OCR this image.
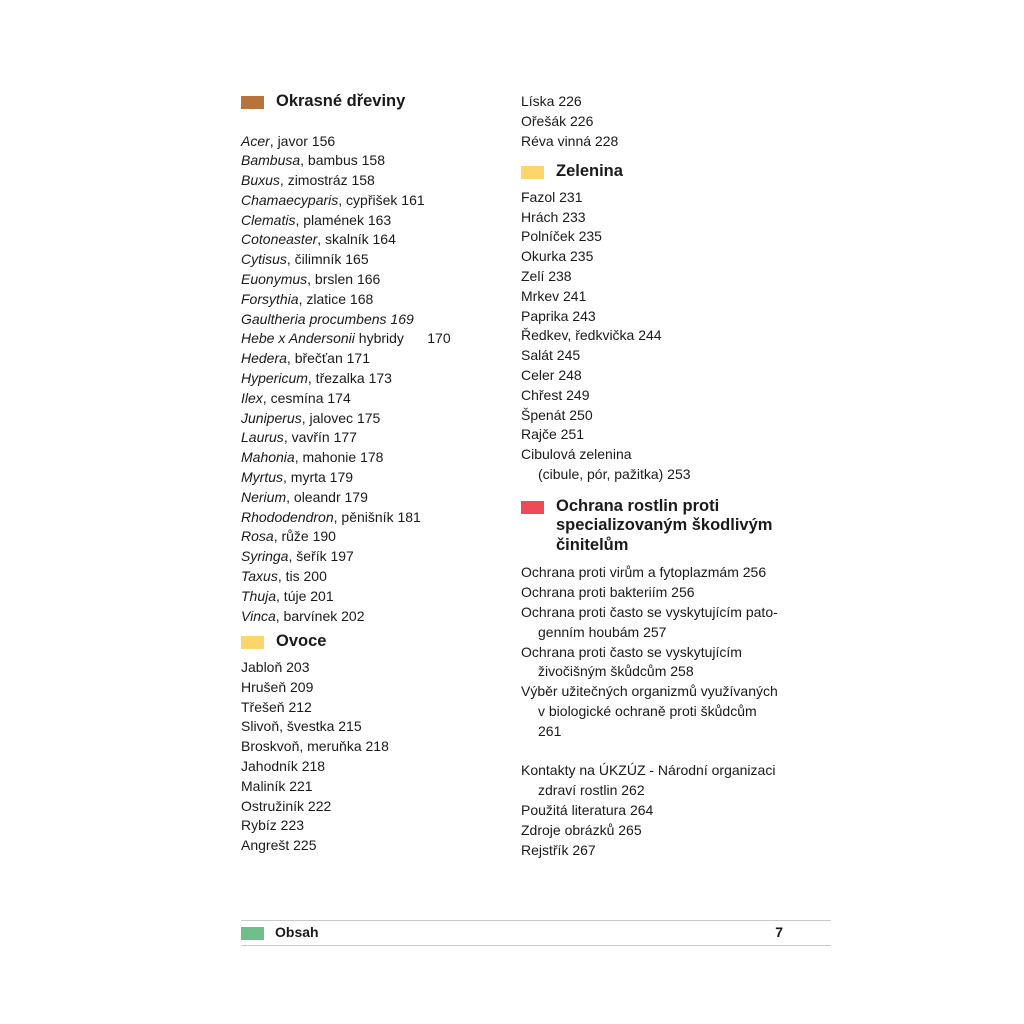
Okrasné dřeviny
Acer, javor 156
Bambusa, bambus 158
Buxus, zimostráz 158
Chamaecyparis, cypřišek 161
Clematis, plamének 163
Cotoneaster, skalník 164
Cytisus, čilimník 165
Euonymus, brslen 166
Forsythia, zlatice 168
Gaultheria procumbens 169
Hebe x Andersonii hybridy      170
Hedera, břečťan 171
Hypericum, třezalka 173
Ilex, cesmína 174
Juniperus, jalovec 175
Laurus, vavřín 177
Mahonia, mahonie 178
Myrtus, myrta 179
Nerium, oleandr 179
Rhododendron, pěnišník 181
Rosa, růže 190
Syringa, šeřík 197
Taxus, tis 200
Thuja, túje 201
Vinca, barvínek 202
Ovoce
Jabloň 203
Hrušeň 209
Třešeň 212
Slivoň, švestka 215
Broskvoň, meruňka 218
Jahodník 218
Maliník 221
Ostružiník 222
Rybíz 223
Angrešt 225
Líska 226
Ořešák 226
Réva vinná 228
Zelenina
Fazol 231
Hrách 233
Polníček 235
Okurka 235
Zelí 238
Mrkev 241
Paprika 243
Ředkev, ředkvička 244
Salát 245
Celer 248
Chřest 249
Špenát 250
Rajče 251
Cibulová zelenina
(cibule, pór, pažitka) 253
Ochrana rostlin proti
specializovaným škodlivým
činitelům
Ochrana proti virům a fytoplazmám 256
Ochrana proti bakteriím 256
Ochrana proti často se vyskytujícím pato-
genním houbám 257
Ochrana proti často se vyskytujícím
živočišným škůdcům 258
Výběr užitečných organizmů využívaných
v biologické ochraně proti škůdcům
261
Kontakty na ÚKZÚZ - Národní organizaci
zdraví rostlin 262
Použitá literatura 264
Zdroje obrázků 265
Rejstřík 267
Obsah	7
